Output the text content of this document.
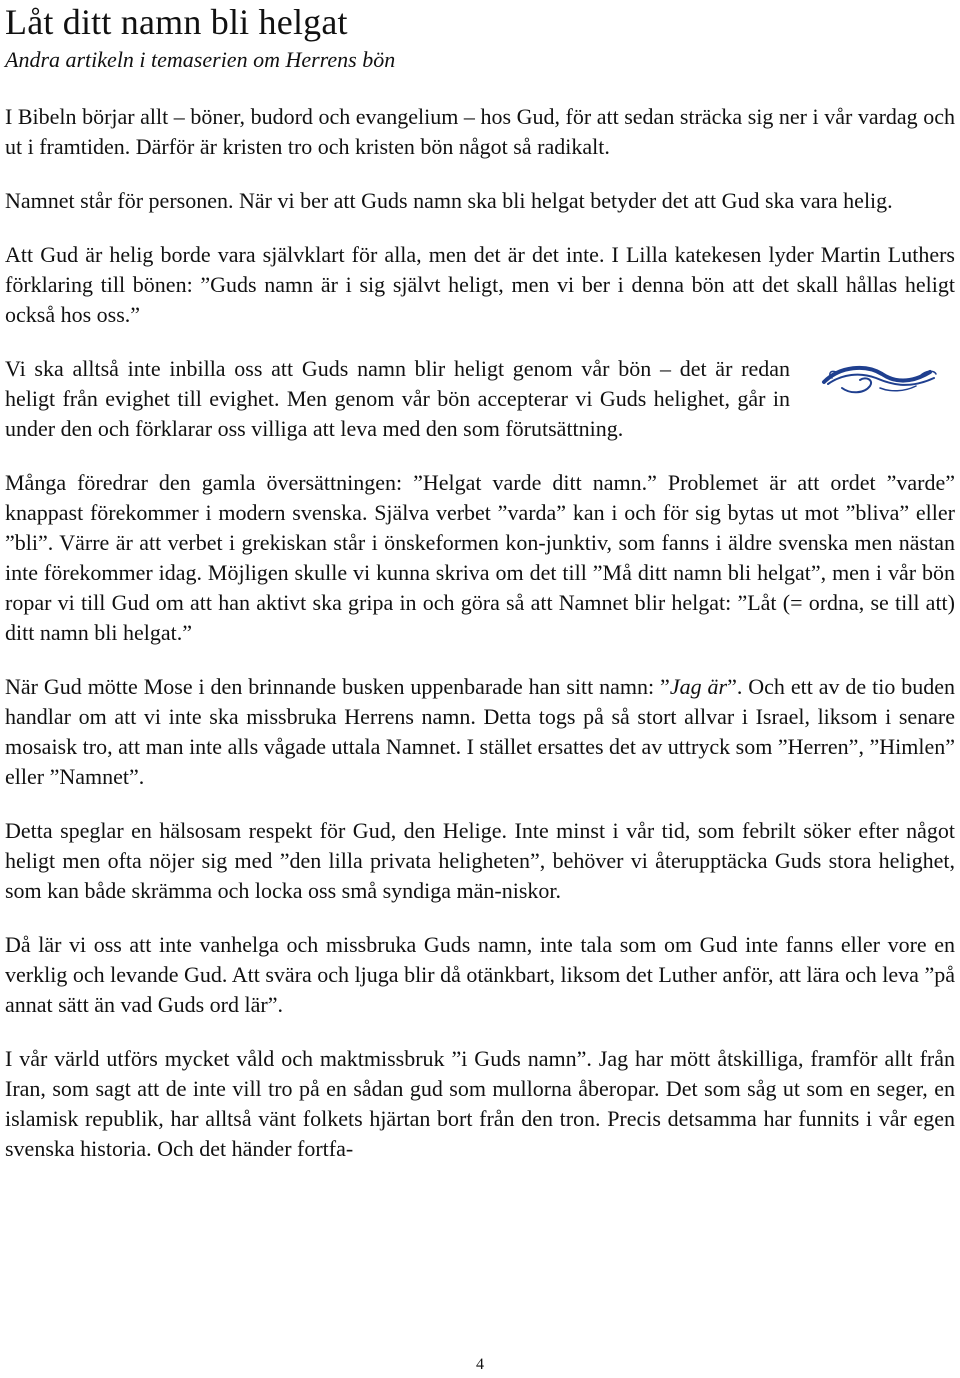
Låt ditt namn bli helgat
Andra artikeln i temaserien om Herrens bön

I Bibeln börjar allt – böner, budord och evangelium – hos Gud, för att sedan sträcka sig ner i vår vardag och ut i framtiden. Därför är kristen tro och kristen bön något så radikalt.

Namnet står för personen. När vi ber att Guds namn ska bli helgat betyder det att Gud ska vara helig.

Att Gud är helig borde vara självklart för alla, men det är det inte. I Lilla katekesen lyder Martin Luthers förklaring till bönen: ”Guds namn är i sig självt heligt, men vi ber i denna bön att det skall hållas heligt också hos oss.”

Vi ska alltså inte inbilla oss att Guds namn blir heligt genom vår bön – det är redan heligt från evighet till evighet. Men genom vår bön accepterar vi Guds helighet, går in under den och förklarar oss villiga att leva med den som förutsättning.

Många föredrar den gamla översättningen: ”Helgat varde ditt namn.” Problemet är att ordet ”varde” knappast förekommer i modern svenska. Själva verbet ”varda” kan i och för sig bytas ut mot ”bliva” eller ”bli”. Värre är att verbet i grekiskan står i önskeformen kon-junktiv, som fanns i äldre svenska men nästan inte förekommer idag. Möjligen skulle vi kunna skriva om det till ”Må ditt namn bli helgat”, men i vår bön ropar vi till Gud om att han aktivt ska gripa in och göra så att Namnet blir helgat: ”Låt (= ordna, se till att) ditt namn bli helgat.”

När Gud mötte Mose i den brinnande busken uppenbarade han sitt namn: ”Jag är”. Och ett av de tio buden handlar om att vi inte ska missbruka Herrens namn. Detta togs på så stort allvar i Israel, liksom i senare mosaisk tro, att man inte alls vågade uttala Namnet. I stället ersattes det av uttryck som ”Herren”, ”Himlen” eller ”Namnet”.

Detta speglar en hälsosam respekt för Gud, den Helige. Inte minst i vår tid, som febrilt söker efter något heligt men ofta nöjer sig med ”den lilla privata heligheten”, behöver vi återupptäcka Guds stora helighet, som kan både skrämma och locka oss små syndiga män-niskor.

Då lär vi oss att inte vanhelga och missbruka Guds namn, inte tala som om Gud inte fanns eller vore en verklig och levande Gud. Att svära och ljuga blir då otänkbart, liksom det Luther anför, att lära och leva ”på annat sätt än vad Guds ord lär”.

I vår värld utförs mycket våld och maktmissbruk ”i Guds namn”. Jag har mött åtskilliga, framför allt från Iran, som sagt att de inte vill tro på en sådan gud som mullorna åberopar. Det som såg ut som en seger, en islamisk republik, har alltså vänt folkets hjärtan bort från den tron. Precis detsamma har funnits i vår egen svenska historia. Och det händer fortfa-

4
